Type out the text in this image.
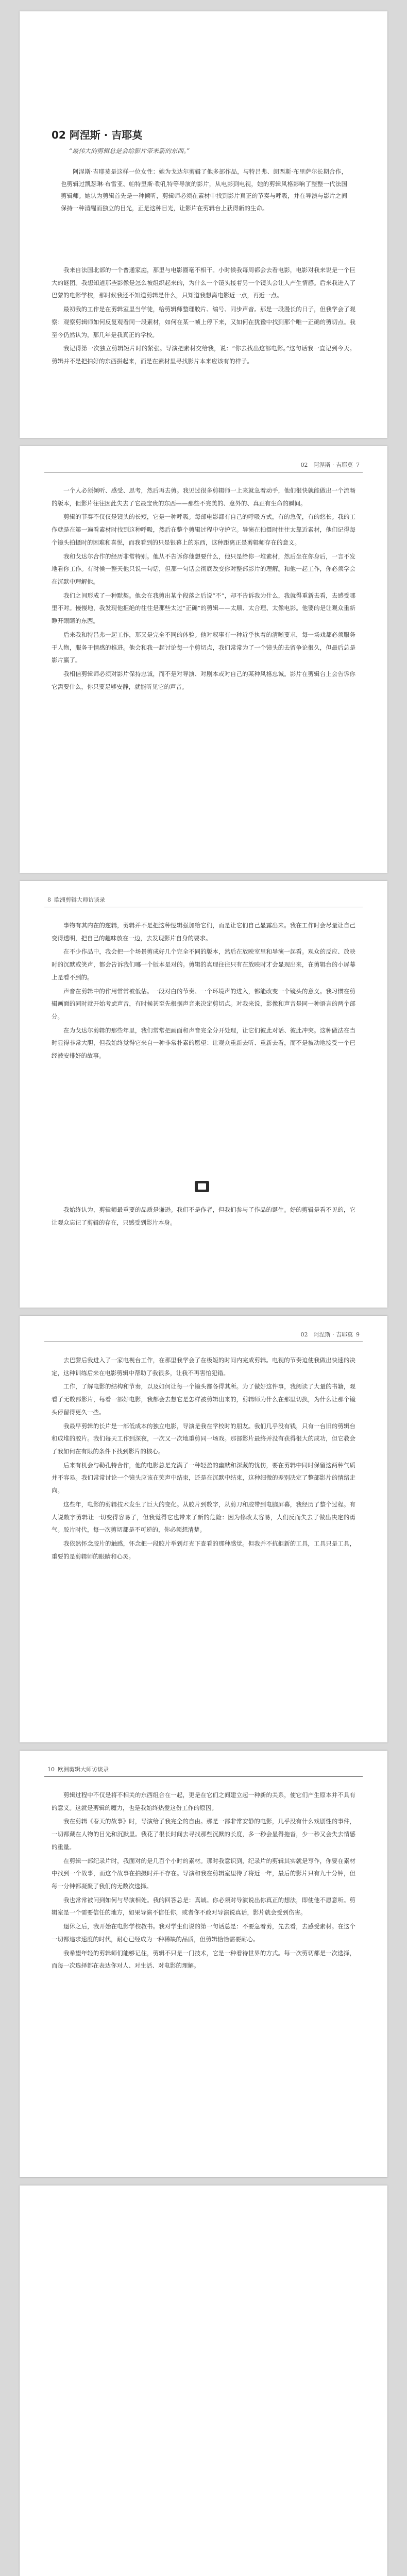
02 阿涅斯 · 吉耶莫

“最伟大的剪辑总是会给影片带来新的东西。”

阿涅斯·吉耶莫是这样一位女性：她为戈达尔剪辑了他多部作品，与特吕弗、朗西斯·布里萨尔长期合作，也剪辑过凯瑟琳·布雷亚、帕特里斯·勒孔特等导演的影片，从电影到电视，她的剪辑风格影响了整整一代法国剪辑师。她认为剪辑首先是一种倾听，剪辑师必须在素材中找到影片真正的节奏与呼吸，并在导演与影片之间保持一种清醒而独立的目光，正是这种目光，让影片在剪辑台上获得新的生命。

我来自法国北部的一个普通家庭，那里与电影圈毫不相干。小时候我每周都会去看电影，电影对我来说是一个巨大的谜团。我想知道那些影像是怎么被组织起来的，为什么一个镜头接着另一个镜头会让人产生情感。后来我进入了巴黎的电影学校，那时候我还不知道剪辑是什么，只知道我想离电影近一点，再近一点。

最初我的工作是在剪辑室里当学徒，给剪辑师整理胶片、编号、同步声音。那是一段漫长的日子，但我学会了观察：观察剪辑师如何反复观看同一段素材，如何在某一帧上停下来，又如何在犹豫中找到那个唯一正确的剪切点。我至今仍然认为，那几年是我真正的学校。

我记得第一次独立剪辑短片时的紧张。导演把素材交给我，说：“你去找出这部电影。”这句话我一直记到今天。剪辑并不是把拍好的东西拼起来，而是在素材里寻找影片本来应该有的样子。

02　阿涅斯 · 吉耶莫 7

一个人必须倾听、感受、思考，然后再去剪。我见过很多剪辑师一上来就急着动手，他们很快就能做出一个流畅的版本，但影片往往因此失去了它最宝贵的东西——那些不完美的、意外的、真正有生命的瞬间。

剪辑的节奏不仅仅是镜头的长短，它是一种呼吸。每部电影都有自己的呼吸方式，有的急促，有的悠长。我的工作就是在第一遍看素材时找到这种呼吸，然后在整个剪辑过程中守护它。导演在拍摄时往往太靠近素材，他们记得每个镜头拍摄时的困难和喜悦，而我看到的只是银幕上的东西，这种距离正是剪辑师存在的意义。

我和戈达尔合作的经历非常特别。他从不告诉你他想要什么，他只是给你一堆素材，然后坐在你身后，一言不发地看你工作。有时候一整天他只说一句话，但那一句话会彻底改变你对整部影片的理解。和他一起工作，你必须学会在沉默中理解他。

我们之间形成了一种默契。他会在我剪出某个段落之后说“不”，却不告诉我为什么，我就得重新去看，去感受哪里不对。慢慢地，我发现他拒绝的往往是那些太过“正确”的剪辑——太顺、太合理、太像电影。他要的是让观众重新睁开眼睛的东西。

后来我和特吕弗一起工作，那又是完全不同的体验。他对叙事有一种近乎执着的清晰要求，每一场戏都必须服务于人物，服务于情感的推进。他会和我一起讨论每一个剪切点，我们常常为了一个镜头的去留争论很久，但最后总是影片赢了。

我相信剪辑师必须对影片保持忠诚，而不是对导演、对剧本或对自己的某种风格忠诚。影片在剪辑台上会告诉你它需要什么，你只要足够安静，就能听见它的声音。

8 欧洲剪辑大师访谈录

事物有其内在的逻辑，剪辑并不是把这种逻辑强加给它们，而是让它们自己显露出来。我在工作时会尽量让自己变得透明，把自己的趣味放在一边，去发现影片自身的要求。

在不少作品中，我会把一个场景剪成好几个完全不同的版本，然后在放映室里和导演一起看。观众的反应、放映时的沉默或笑声，都会告诉我们哪一个版本是对的。剪辑的真理往往只有在放映时才会显现出来，在剪辑台的小屏幕上是看不到的。

声音在剪辑中的作用常常被低估。一段对白的节奏、一个环境声的进入，都能改变一个镜头的意义。我习惯在剪辑画面的同时就开始考虑声音，有时候甚至先根据声音来决定剪切点。对我来说，影像和声音是同一种语言的两个部分。

在为戈达尔剪辑的那些年里，我们常常把画面和声音完全分开处理，让它们彼此对话、彼此冲突。这种做法在当时显得非常大胆，但我始终觉得它来自一种非常朴素的愿望：让观众重新去听、重新去看，而不是被动地接受一个已经被安排好的故事。

我始终认为，剪辑师最重要的品质是谦逊。我们不是作者，但我们参与了作品的诞生。好的剪辑是看不见的，它让观众忘记了剪辑的存在，只感受到影片本身。

02　阿涅斯 · 吉耶莫 9

去巴黎后我进入了一家电视台工作，在那里我学会了在极短的时间内完成剪辑。电视的节奏迫使我做出快速的决定，这种训练后来在电影剪辑中帮助了我很多，让我不再害怕犯错。

工作，了解电影的结构和节奏，以及如何让每一个镜头都各得其所。为了做好这件事，我阅读了大量的书籍，观看了无数部影片，每看一部好电影，我都会去想它是怎样被剪辑出来的，剪辑师为什么在那里切换，为什么让那个镜头停留得更久一些。

我最早剪辑的长片是一部低成本的独立电影，导演是我在学校时的朋友。我们几乎没有钱，只有一台旧的剪辑台和成堆的胶片。我们每天工作到深夜，一次又一次地重剪同一场戏。那部影片最终并没有获得很大的成功，但它教会了我如何在有限的条件下找到影片的核心。

后来有机会与勒孔特合作，他的电影总是充满了一种轻盈的幽默和深藏的忧伤，要在剪辑中同时保留这两种气质并不容易。我们常常讨论一个镜头应该在笑声中结束，还是在沉默中结束，这种细微的差别决定了整部影片的情绪走向。

这些年，电影的剪辑技术发生了巨大的变化。从胶片到数字，从剪刀和胶带到电脑屏幕，我经历了整个过程。有人说数字剪辑让一切变得容易了，但我觉得它也带来了新的危险：因为修改太容易，人们反而失去了做出决定的勇气。胶片时代，每一次剪切都是不可逆的，你必须想清楚。

我依然怀念胶片的触感，怀念把一段胶片举到灯光下查看的那种感觉。但我并不抗拒新的工具，工具只是工具，重要的是剪辑师的眼睛和心灵。

10 欧洲剪辑大师访谈录

剪辑过程中不仅是将不相关的东西组合在一起，更是在它们之间建立起一种新的关系，使它们产生原本并不具有的意义。这就是剪辑的魔力，也是我始终热爱这份工作的原因。

我在剪辑《春天的故事》时，导演给了我完全的自由。那是一部非常安静的电影，几乎没有什么戏剧性的事件，一切都藏在人物的目光和沉默里。我花了很长时间去寻找那些沉默的长度，多一秒会显得拖沓，少一秒又会失去情感的重量。

在剪辑一部纪录片时，我面对的是几百个小时的素材。那时我意识到，纪录片的剪辑其实就是写作，你要在素材中找到一个故事，而这个故事在拍摄时并不存在。导演和我在剪辑室里待了将近一年，最后的影片只有九十分钟，但每一分钟都凝聚了我们的无数次选择。

我也常常被问到如何与导演相处。我的回答总是：真诚。你必须对导演说出你真正的想法，即使他不愿意听。剪辑室是一个需要信任的地方，如果导演不信任你，或者你不敢对导演说真话，影片就会受到伤害。

退休之后，我开始在电影学校教书。我对学生们说的第一句话总是：不要急着剪，先去看，去感受素材。在这个一切都追求速度的时代，耐心已经成为一种稀缺的品质，但剪辑恰恰需要耐心。

我希望年轻的剪辑师们能够记住，剪辑不只是一门技术，它是一种看待世界的方式。每一次剪切都是一次选择，而每一次选择都在表达你对人、对生活、对电影的理解。
